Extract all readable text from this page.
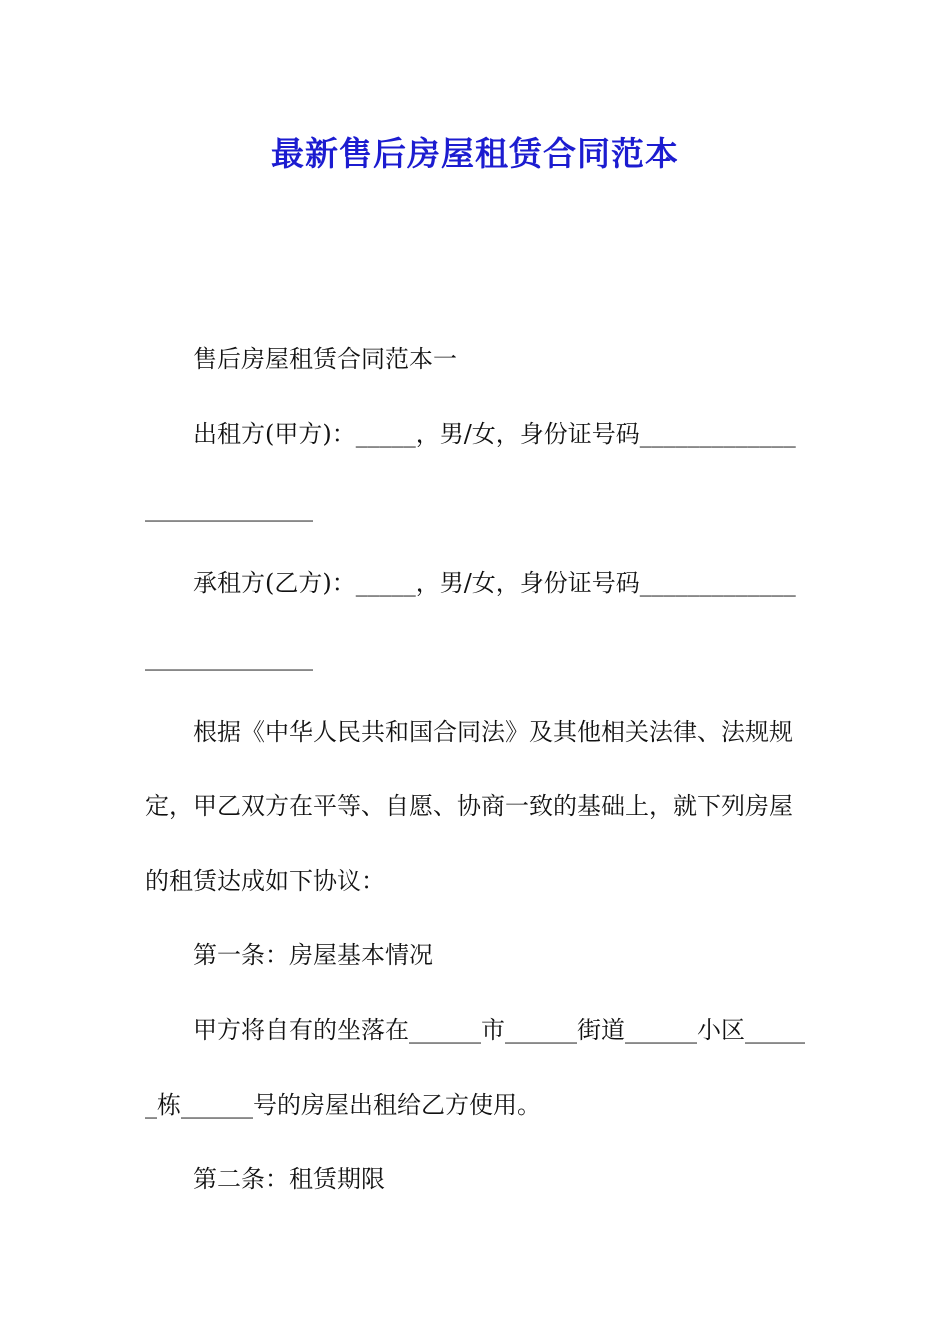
最新售后房屋租赁合同范本

售后房屋租赁合同范本一

出租方(甲方)：_____，男/女，身份证号码_____________

______________

承租方(乙方)：_____，男/女，身份证号码_____________

______________

根据《中华人民共和国合同法》及其他相关法律、法规规

定，甲乙双方在平等、自愿、协商一致的基础上，就下列房屋

的租赁达成如下协议：

第一条：房屋基本情况

甲方将自有的坐落在______市______街道______小区_____

_栋______号的房屋出租给乙方使用。

第二条：租赁期限
